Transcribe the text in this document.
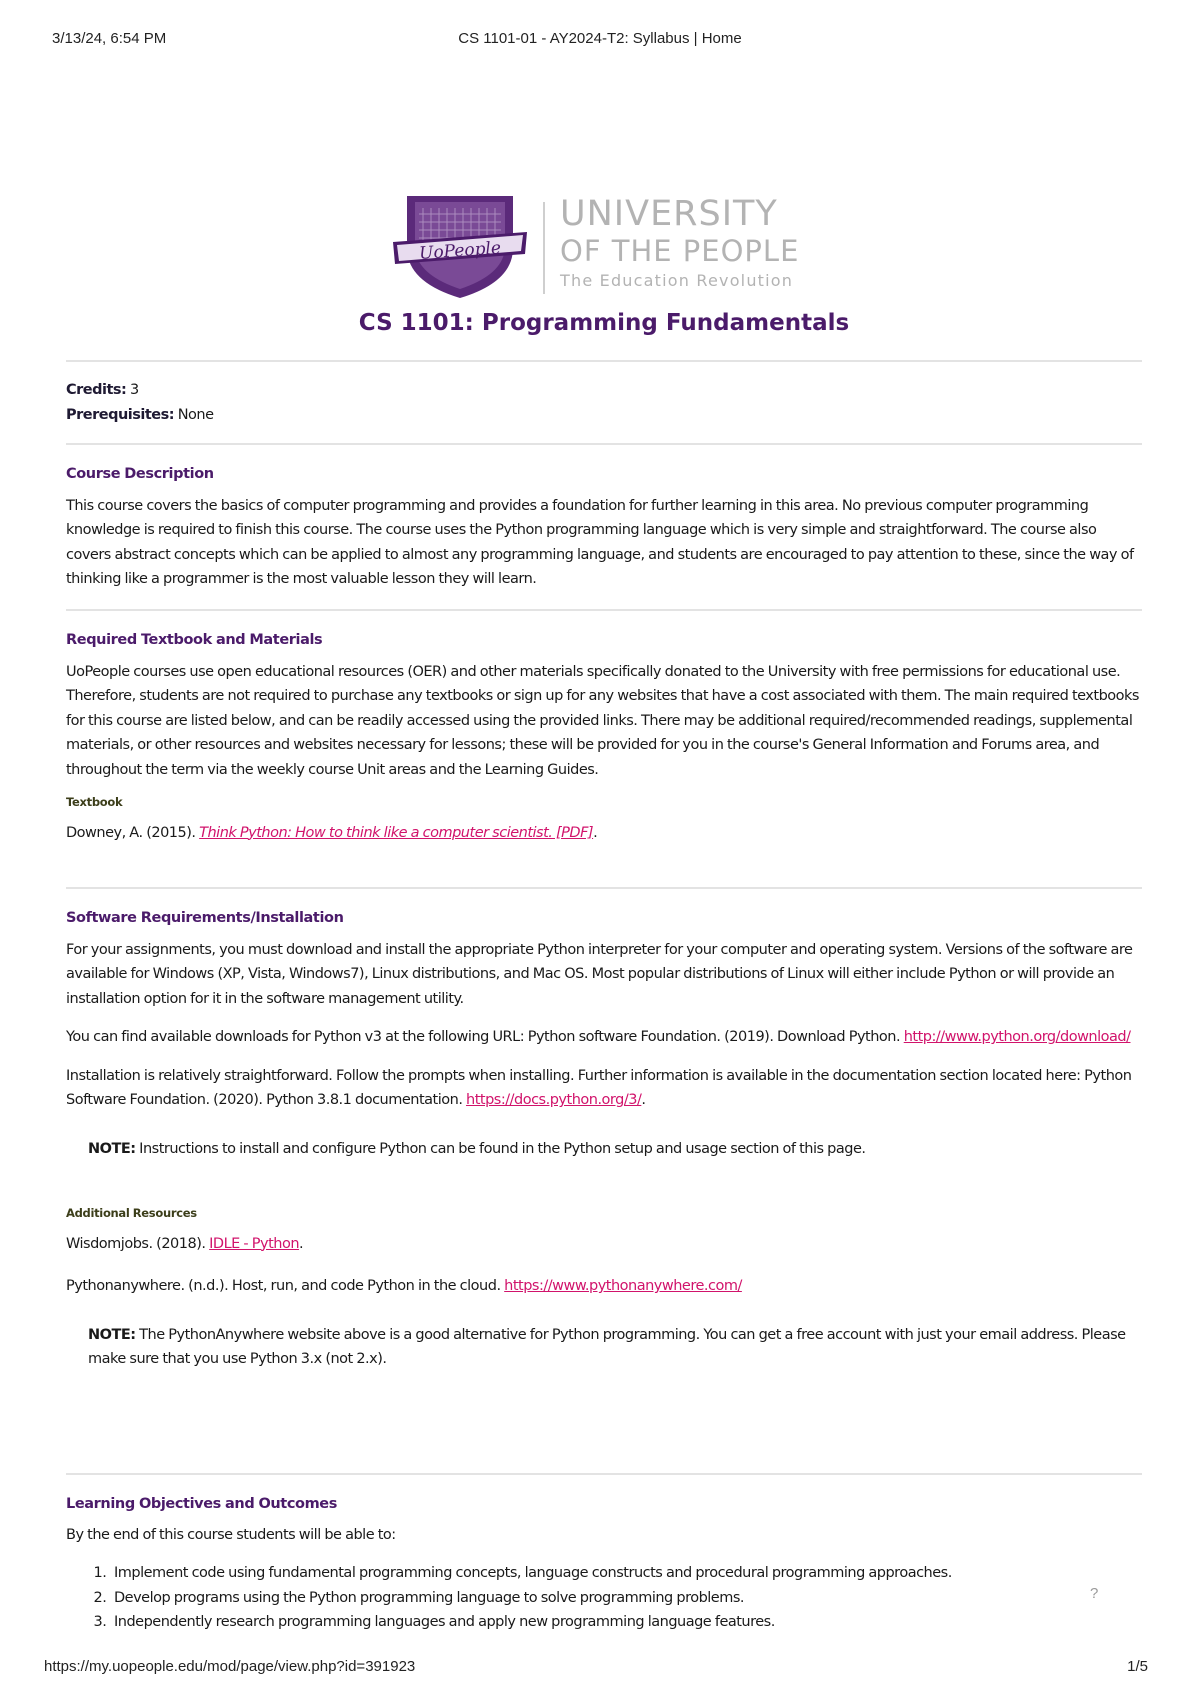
3/13/24, 6:54 PM	CS 1101-01 - AY2024-T2: Syllabus | Home
UoPeople
UNIVERSITY
OF THE PEOPLE
The Education Revolution
CS 1101: Programming Fundamentals

Credits: 3

Prerequisites: None

Course Description

This course covers the basics of computer programming and provides a foundation for further learning in this area. No previous computer programming knowledge is required to finish this course. The course uses the Python programming language which is very simple and straightforward. The course also covers abstract concepts which can be applied to almost any programming language, and students are encouraged to pay attention to these, since the way of thinking like a programmer is the most valuable lesson they will learn.

Required Textbook and Materials

UoPeople courses use open educational resources (OER) and other materials specifically donated to the University with free permissions for educational use. Therefore, students are not required to purchase any textbooks or sign up for any websites that have a cost associated with them. The main required textbooks for this course are listed below, and can be readily accessed using the provided links. There may be additional required/recommended readings, supplemental materials, or other resources and websites necessary for lessons; these will be provided for you in the course's General Information and Forums area, and throughout the term via the weekly course Unit areas and the Learning Guides.

Textbook

Downey, A. (2015). Think Python: How to think like a computer scientist. [PDF].

Software Requirements/Installation

For your assignments, you must download and install the appropriate Python interpreter for your computer and operating system. Versions of the software are available for Windows (XP, Vista, Windows7), Linux distributions, and Mac OS. Most popular distributions of Linux will either include Python or will provide an installation option for it in the software management utility.

You can find available downloads for Python v3 at the following URL: Python software Foundation. (2019). Download Python. http://www.python.org/download/

Installation is relatively straightforward. Follow the prompts when installing. Further information is available in the documentation section located here: Python Software Foundation. (2020). Python 3.8.1 documentation. https://docs.python.org/3/.

NOTE: Instructions to install and configure Python can be found in the Python setup and usage section of this page.

Additional Resources

Wisdomjobs. (2018). IDLE - Python.

Pythonanywhere. (n.d.). Host, run, and code Python in the cloud. https://www.pythonanywhere.com/

NOTE: The PythonAnywhere website above is a good alternative for Python programming. You can get a free account with just your email address. Please make sure that you use Python 3.x (not 2.x).

Learning Objectives and Outcomes

By the end of this course students will be able to:

1. Implement code using fundamental programming concepts, language constructs and procedural programming approaches.
2. Develop programs using the Python programming language to solve programming problems.
3. Independently research programming languages and apply new programming language features.
?
https://my.uopeople.edu/mod/page/view.php?id=391923	1/5
